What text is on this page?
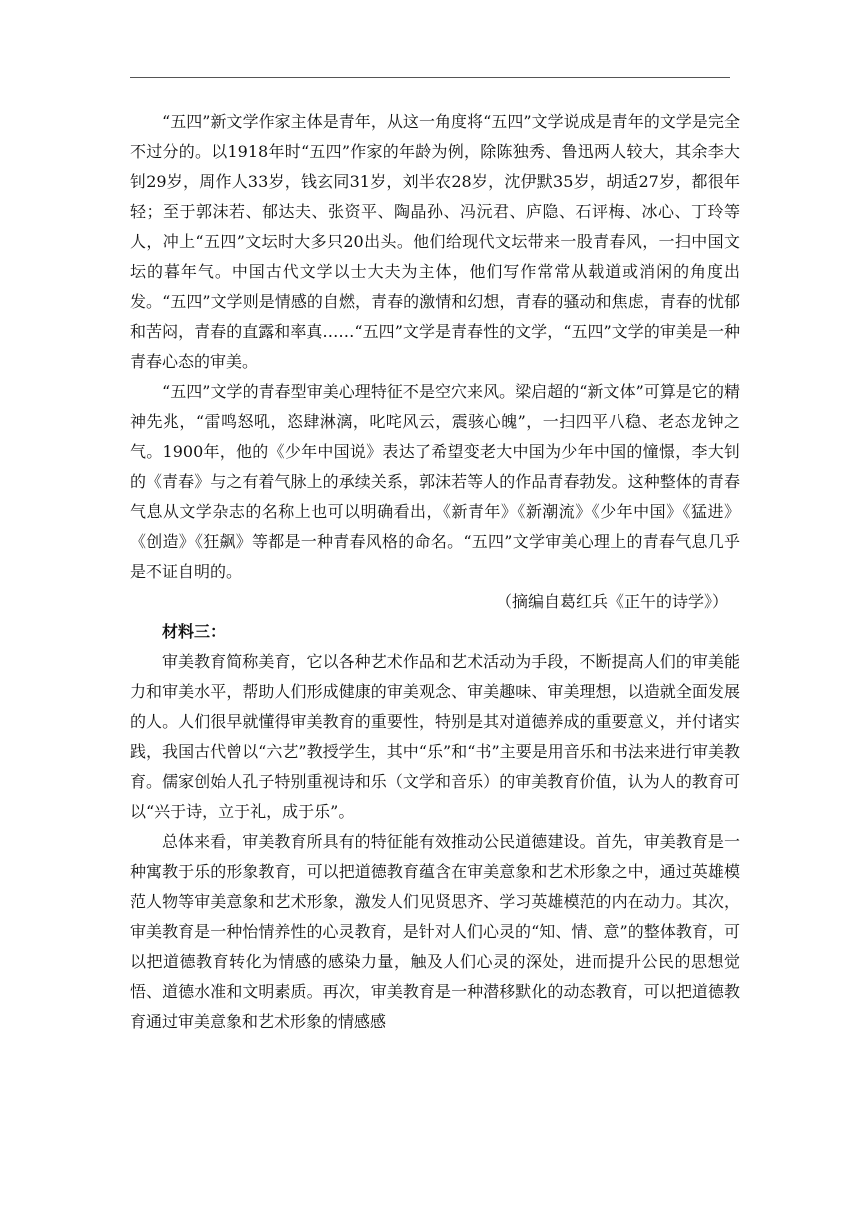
“五四”新文学作家主体是青年，从这一角度将“五四”文学说成是青年的文学是完全不过分的。以1918年时“五四”作家的年龄为例，除陈独秀、鲁迅两人较大，其余李大钊29岁，周作人33岁，钱玄同31岁，刘半农28岁，沈伊默35岁，胡适27岁，都很年轻；至于郭沫若、郁达夫、张资平、陶晶孙、冯沅君、庐隐、石评梅、冰心、丁玲等人，冲上“五四”文坛时大多只20出头。他们给现代文坛带来一股青春风，一扫中国文坛的暮年气。中国古代文学以士大夫为主体，他们写作常常从载道或消闲的角度出发。“五四”文学则是情感的自燃，青春的激情和幻想，青春的骚动和焦虑，青春的忧郁和苦闷，青春的直露和率真……“五四”文学是青春性的文学，“五四”文学的审美是一种青春心态的审美。

“五四”文学的青春型审美心理特征不是空穴来风。梁启超的“新文体”可算是它的精神先兆，“雷鸣怒吼，恣肆淋漓，叱咤风云，震骇心魄”，一扫四平八稳、老态龙钟之气。1900年，他的《少年中国说》表达了希望变老大中国为少年中国的憧憬，李大钊的《青春》与之有着气脉上的承续关系，郭沫若等人的作品青春勃发。这种整体的青春气息从文学杂志的名称上也可以明确看出，《新青年》《新潮流》《少年中国》《猛进》《创造》《狂飙》等都是一种青春风格的命名。“五四”文学审美心理上的青春气息几乎是不证自明的。

（摘编自葛红兵《正午的诗学》）

材料三：

审美教育简称美育，它以各种艺术作品和艺术活动为手段，不断提高人们的审美能力和审美水平，帮助人们形成健康的审美观念、审美趣味、审美理想，以造就全面发展的人。人们很早就懂得审美教育的重要性，特别是其对道德养成的重要意义，并付诸实践，我国古代曾以“六艺”教授学生，其中“乐”和“书”主要是用音乐和书法来进行审美教育。儒家创始人孔子特别重视诗和乐（文学和音乐）的审美教育价值，认为人的教育可以“兴于诗，立于礼，成于乐”。

总体来看，审美教育所具有的特征能有效推动公民道德建设。首先，审美教育是一种寓教于乐的形象教育，可以把道德教育蕴含在审美意象和艺术形象之中，通过英雄模范人物等审美意象和艺术形象，激发人们见贤思齐、学习英雄模范的内在动力。其次，审美教育是一种怡情养性的心灵教育，是针对人们心灵的“知、情、意”的整体教育，可以把道德教育转化为情感的感染力量，触及人们心灵的深处，进而提升公民的思想觉悟、道德水准和文明素质。再次，审美教育是一种潜移默化的动态教育，可以把道德教育通过审美意象和艺术形象的情感感
